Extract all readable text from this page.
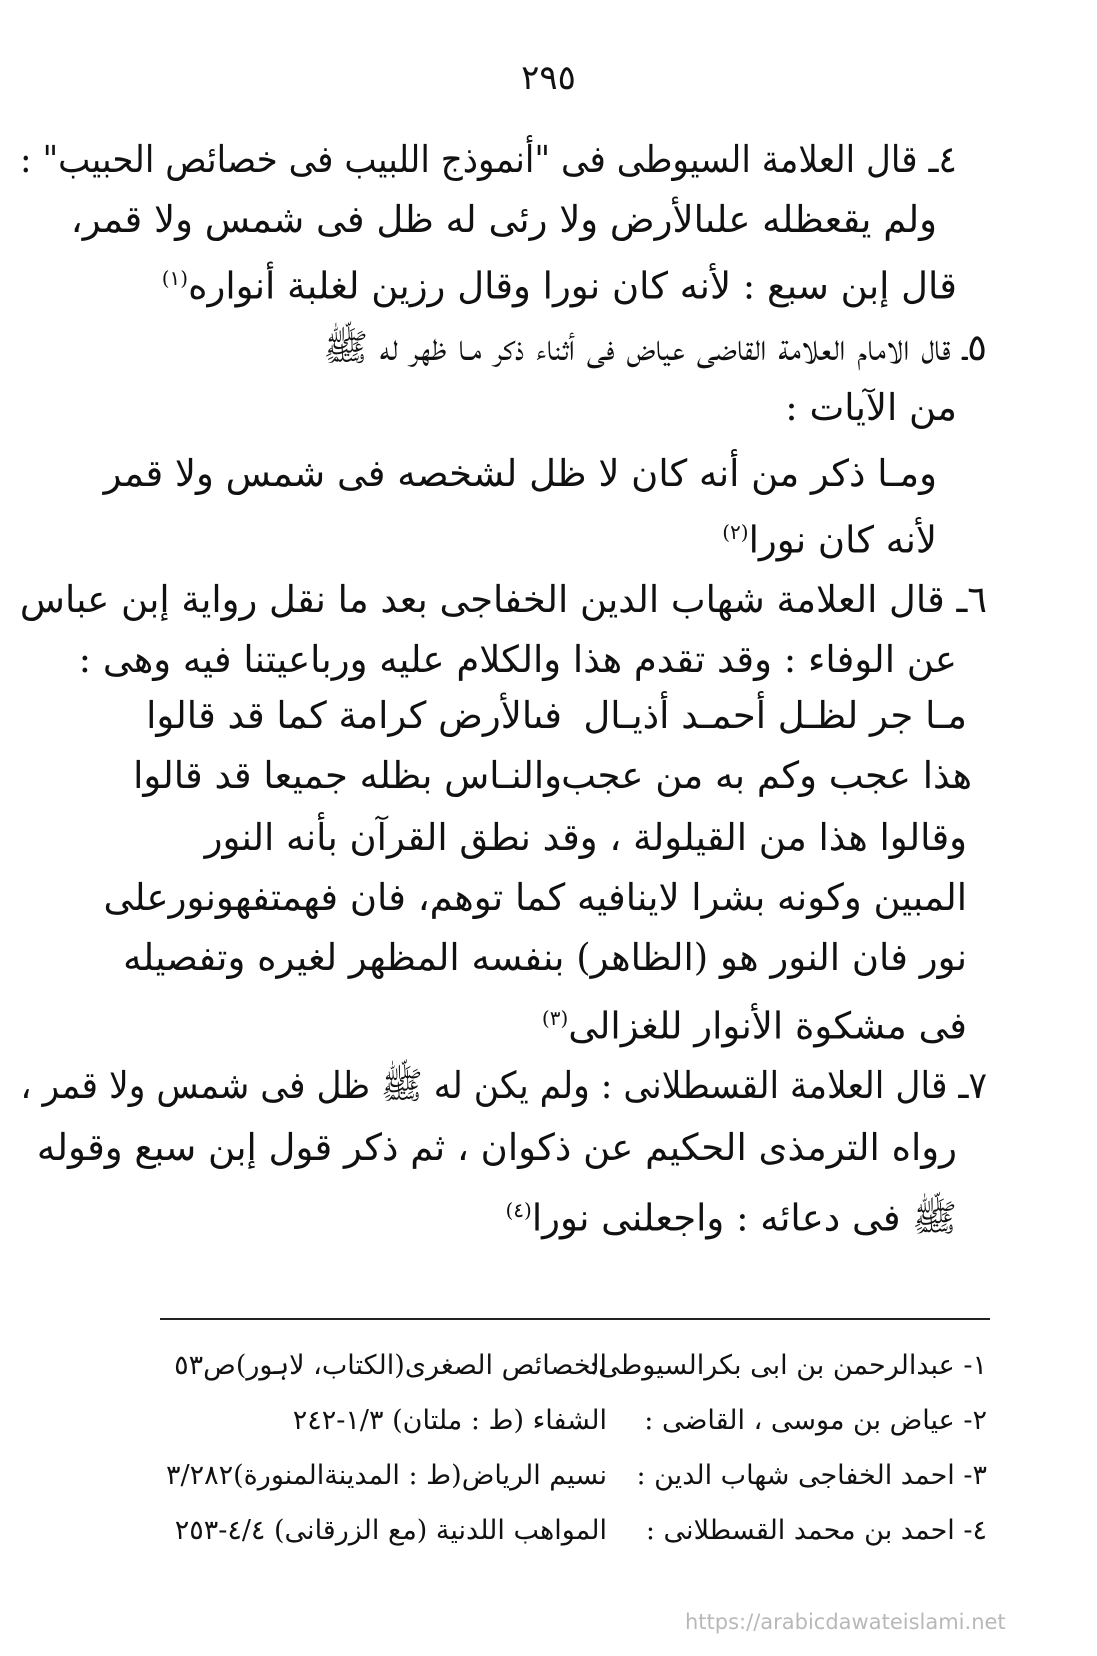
٢٩٥
٤ـ قال العلامة السيوطى فى "أنموذج اللبيب فى خصائص الحبيب" :
ولم يقعظله علىالأرض ولا رئى له ظل فى شمس ولا قمر،
قال إبن سبع : لأنه كان نورا وقال رزين لغلبة أنواره$^{(١)}$
٥ـ قال الامام العلامة القاضى عياض فى أثناء ذكر مـا ظهر له ﷺ
من الآيات :
ومـا ذكر من أنه كان لا ظل لشخصه فى شمس ولا قمر
لأنه كان نورا$^{(٢)}$
٦ـ قال العلامة شهاب الدين الخفاجى بعد ما نقل رواية إبن عباس
عن الوفاء : وقد تقدم هذا والكلام عليه ورباعيتنا فيه وهى :
مـا جر لظـل أحمـد أذيـال
فىالأرض كرامة كما قد قالوا
هذا عجب وكم به من عجب
والنـاس بظله جميعا قد قالوا
وقالوا هذا من القيلولة ، وقد نطق القرآن بأنه النور
المبين وكونه بشرا لاينافيه كما توهم، فان فهمتفهونورعلى
نور فان النور هو (الظاهر) بنفسه المظهر لغيره وتفصيله
فى مشكوة الأنوار للغزالى$^{(٣)}$
٧ـ قال العلامة القسطلانى : ولم يكن له ﷺ ظل فى شمس ولا قمر ،
رواه الترمذى الحكيم عن ذكوان ، ثم ذكر قول إبن سبع وقوله
ﷺ فى دعائه : واجعلنى نورا$^{(٤)}$
١- عبدالرحمن بن ابى بكرالسيوطى:
الخصائص الصغرى(الكتاب، لاہور)ص٥٣
٢- عياض بن موسى ، القاضى :
الشفاء (ط : ملتان) ١/٣-٢٤٢
٣- احمد الخفاجى شهاب الدين :
نسيم الرياض(ط : المدينةالمنورة)٣/٢٨٢
٤- احمد بن محمد القسطلانى :
المواهب اللدنية (مع الزرقانى) ٤/٤-٢٥٣
https://arabicdawateislami.net
